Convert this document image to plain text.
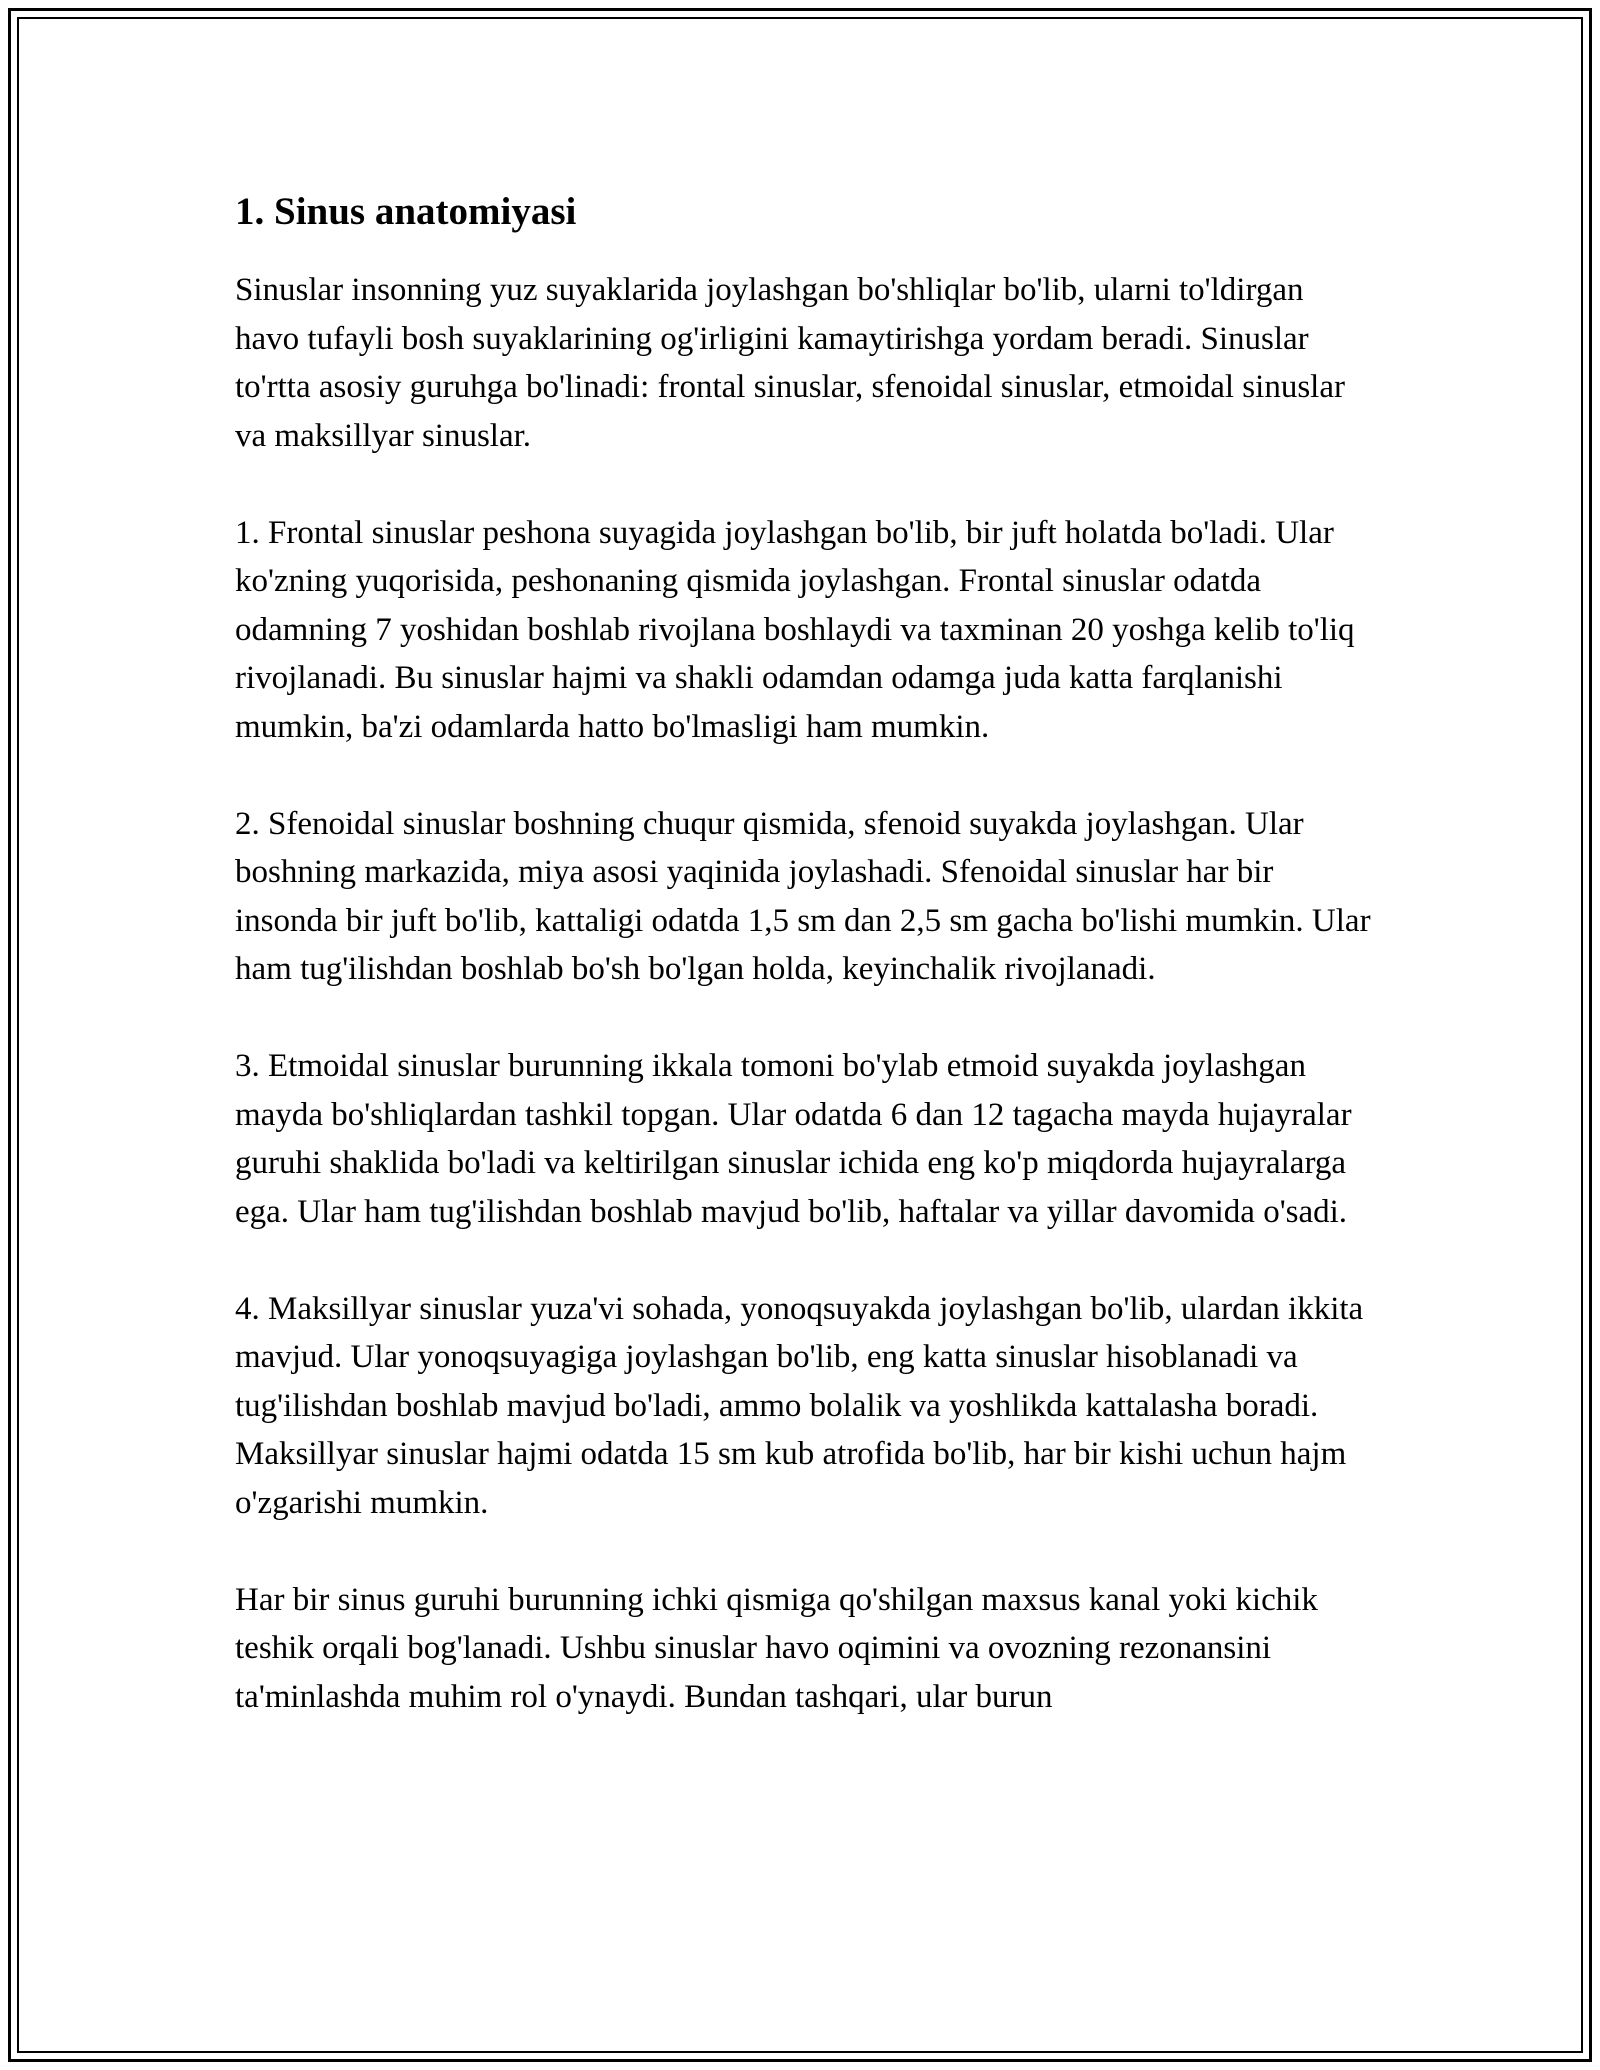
1. Sinus anatomiyasi

Sinuslar insonning yuz suyaklarida joylashgan bo'shliqlar bo'lib, ularni to'ldirgan havo tufayli bosh suyaklarining og'irligini kamaytirishga yordam beradi. Sinuslar to'rtta asosiy guruhga bo'linadi: frontal sinuslar, sfenoidal sinuslar, etmoidal sinuslar va maksillyar sinuslar.

1. Frontal sinuslar peshona suyagida joylashgan bo'lib, bir juft holatda bo'ladi. Ular ko'zning yuqorisida, peshonaning qismida joylashgan. Frontal sinuslar odatda odamning 7 yoshidan boshlab rivojlana boshlaydi va taxminan 20 yoshga kelib to'liq rivojlanadi. Bu sinuslar hajmi va shakli odamdan odamga juda katta farqlanishi mumkin, ba'zi odamlarda hatto bo'lmasligi ham mumkin.

2. Sfenoidal sinuslar boshning chuqur qismida, sfenoid suyakda joylashgan. Ular boshning markazida, miya asosi yaqinida joylashadi. Sfenoidal sinuslar har bir insonda bir juft bo'lib, kattaligi odatda 1,5 sm dan 2,5 sm gacha bo'lishi mumkin. Ular ham tug'ilishdan boshlab bo'sh bo'lgan holda, keyinchalik rivojlanadi.

3. Etmoidal sinuslar burunning ikkala tomoni bo'ylab etmoid suyakda joylashgan mayda bo'shliqlardan tashkil topgan. Ular odatda 6 dan 12 tagacha mayda hujayralar guruhi shaklida bo'ladi va keltirilgan sinuslar ichida eng ko'p miqdorda hujayralarga ega. Ular ham tug'ilishdan boshlab mavjud bo'lib, haftalar va yillar davomida o'sadi.

4. Maksillyar sinuslar yuza'vi sohada, yonoqsuyakda joylashgan bo'lib, ulardan ikkita mavjud. Ular yonoqsuyagiga joylashgan bo'lib, eng katta sinuslar hisoblanadi va tug'ilishdan boshlab mavjud bo'ladi, ammo bolalik va yoshlikda kattalasha boradi. Maksillyar sinuslar hajmi odatda 15 sm kub atrofida bo'lib, har bir kishi uchun hajm o'zgarishi mumkin.

Har bir sinus guruhi burunning ichki qismiga qo'shilgan maxsus kanal yoki kichik teshik orqali bog'lanadi. Ushbu sinuslar havo oqimini va ovozning rezonansini ta'minlashda muhim rol o'ynaydi. Bundan tashqari, ular burun
